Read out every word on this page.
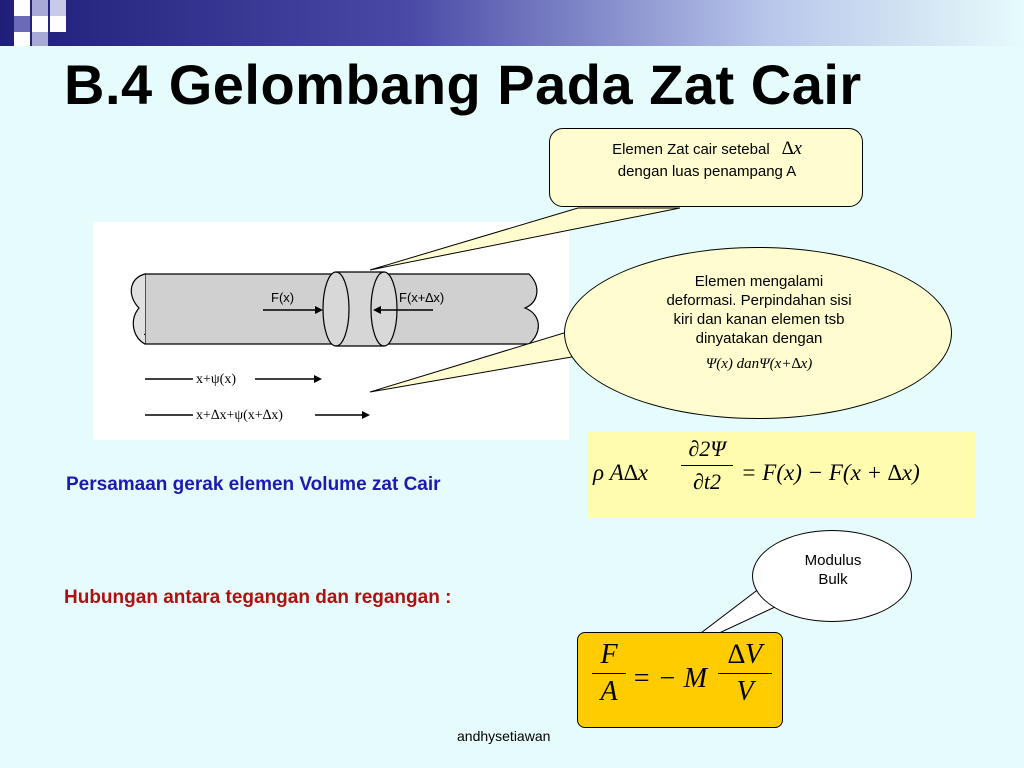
B.4 Gelombang Pada Zat Cair
F(x)	F(x+∆x)
.
x+ψ(x)
x+∆x+ψ(x+∆x)
Elemen Zat cair setebal ∆x
dengan luas penampang A
Elemen mengalami
deformasi. Perpindahan sisi
kiri dan kanan elemen tsb
dinyatakan dengan
Ψ(x) danΨ(x+∆x)
Persamaan gerak elemen Volume zat Cair	ρ A∆x
∂2Ψ
∂t2 = F(x) − F(x + ∆x)
Hubungan antara tegangan dan regangan :
Modulus
Bulk
F
A = − M
∆V
V
andhysetiawan
